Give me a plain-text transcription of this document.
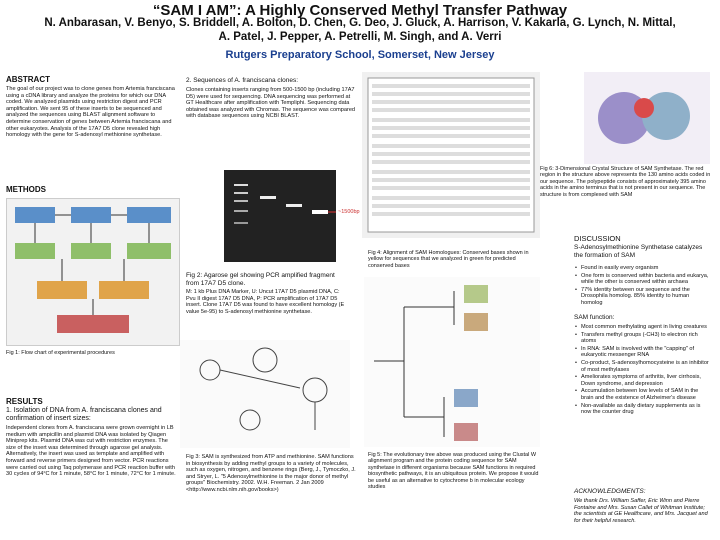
“SAM I AM”: A Highly Conserved Methyl Transfer Pathway
N. Anbarasan, V. Benyo, S. Briddell, A. Bolton, D. Chen, G. Deo, J. Gluck, A. Harrison, V. Kakarla, G. Lynch, N. Mittal,
A. Patel, J. Pepper, A. Petrelli, M. Singh, and A. Verri
Rutgers Preparatory School, Somerset, New Jersey
ABSTRACT
The goal of our project was to clone genes from Artemia franciscana using a cDNA library and analyze the proteins for which our DNA coded. We analyzed plasmids using restriction digest and PCR amplification. We sent 95 of these inserts to be sequenced and analyzed the sequences using BLAST alignment software to determine conservation of genes between Artemia franciscana and other eukaryotes. Analysis of the 17A7 D5 clone revealed high homology with the gene for S-adenosyl methionine synthetase.
METHODS
Fig 1: Flow chart of experimental procedures
RESULTS
1. Isolation of DNA from A. franciscana clones and confirmation of insert sizes:
Independent clones from A. franciscana were grown overnight in LB medium with ampicillin and plasmid DNA was isolated by Qiagen Miniprep kits. Plasmid DNA was cut with restriction enzymes. The size of the insert was determined through agarose gel analysis. Alternatively, the insert was used as template and amplified with forward and reverse primers designed from vector. PCR reactions were carried out using Taq polymerase and PCR reaction buffer with 30 cycles of 94°C for 1 minute, 58°C for 1 minute, 72°C for 1 minute.
2. Sequences of A. franciscana clones:
Clones containing inserts ranging from 500-1500 bp (including 17A7 D5) were used for sequencing. DNA sequencing was performed at GT Healthcare after amplification with Templiphi. Sequencing data obtained was analyzed with Chromas. The sequence was compared with database sequences using NCBI BLAST.
~1500bp
Fig 2: Agarose gel showing PCR amplified fragment from 17A7 D5 clone.
M: 1 kb Plus DNA Marker, U: Uncut 17A7 D5 plasmid DNA, C: Pvu II digest 17A7 D5 DNA, P: PCR amplification of 17A7 D5 insert. Clone 17A7 D5 was found to have excellent homology (E value 5e-95) to S-adenosyl methionine synthetase.
Fig 3: SAM is synthesized from ATP and methionine. SAM functions in biosynthesis by adding methyl groups to a variety of molecules, such as oxygen, nitrogen, and benzene rings (Berg, J., Tymoczko, J. and Stryer, L. "5 Adenosylmethionine is the major donor of methyl groups" Biochemistry. 2002. W.H. Freeman. 2 Jan 2009 <http://www.ncbi.nlm.nih.gov/books>)
Fig 4: Alignment of SAM Homologues: Conserved bases shown in yellow for sequences that we analyzed in green for predicted conserved bases
Fig 5: The evolutionary tree above was produced using the Clustal W alignment program and the protein coding sequence for SAM synthetase in different organisms because SAM functions in required biosynthetic pathways, it is an ubiquitous protein. We propose it would be useful as an alternative to cytochrome b in molecular ecology studies
Fig 6: 3-Dimensional Crystal Structure of SAM Synthetase. The red region in the structure above represents the 130 amino acids coded in our sequence. The polypeptide consists of approximately 395 amino acids in the amino terminus that is not present in our sequence. The structure is from complexed with SAM
DISCUSSION
S-Adenosylmethionine Synthetase catalyzes the formation of SAM
• Found in easily every organism
• One form is conserved within bacteria and eukarya, while the other is conserved within archaea
• 77% identity between our sequence and the Drosophila homolog. 85% identity to human homolog
SAM function:
• Most common methylating agent in living creatures
• Transfers methyl groups (-CH3) to electron rich atoms
• In RNA: SAM is involved with the "capping" of eukaryotic messenger RNA
• Co-product, S-adenosylhomocysteine is an inhibitor of most methylases
• Ameliorates symptoms of arthritis, liver cirrhosis, Down syndrome, and depression
• Accumulation between low levels of SAM in the brain and the existence of Alzheimer's disease
• Non-available as daily dietary supplements as is now the counter drug
ACKNOWLEDGMENTS:
We thank Drs. William Saffer, Eric Winn and Pierre Fontaine and Mrs. Susan Callet of Whitman Institute; the scientists at GE Healthcare, and Mrs. Jacquet and for their helpful research.
